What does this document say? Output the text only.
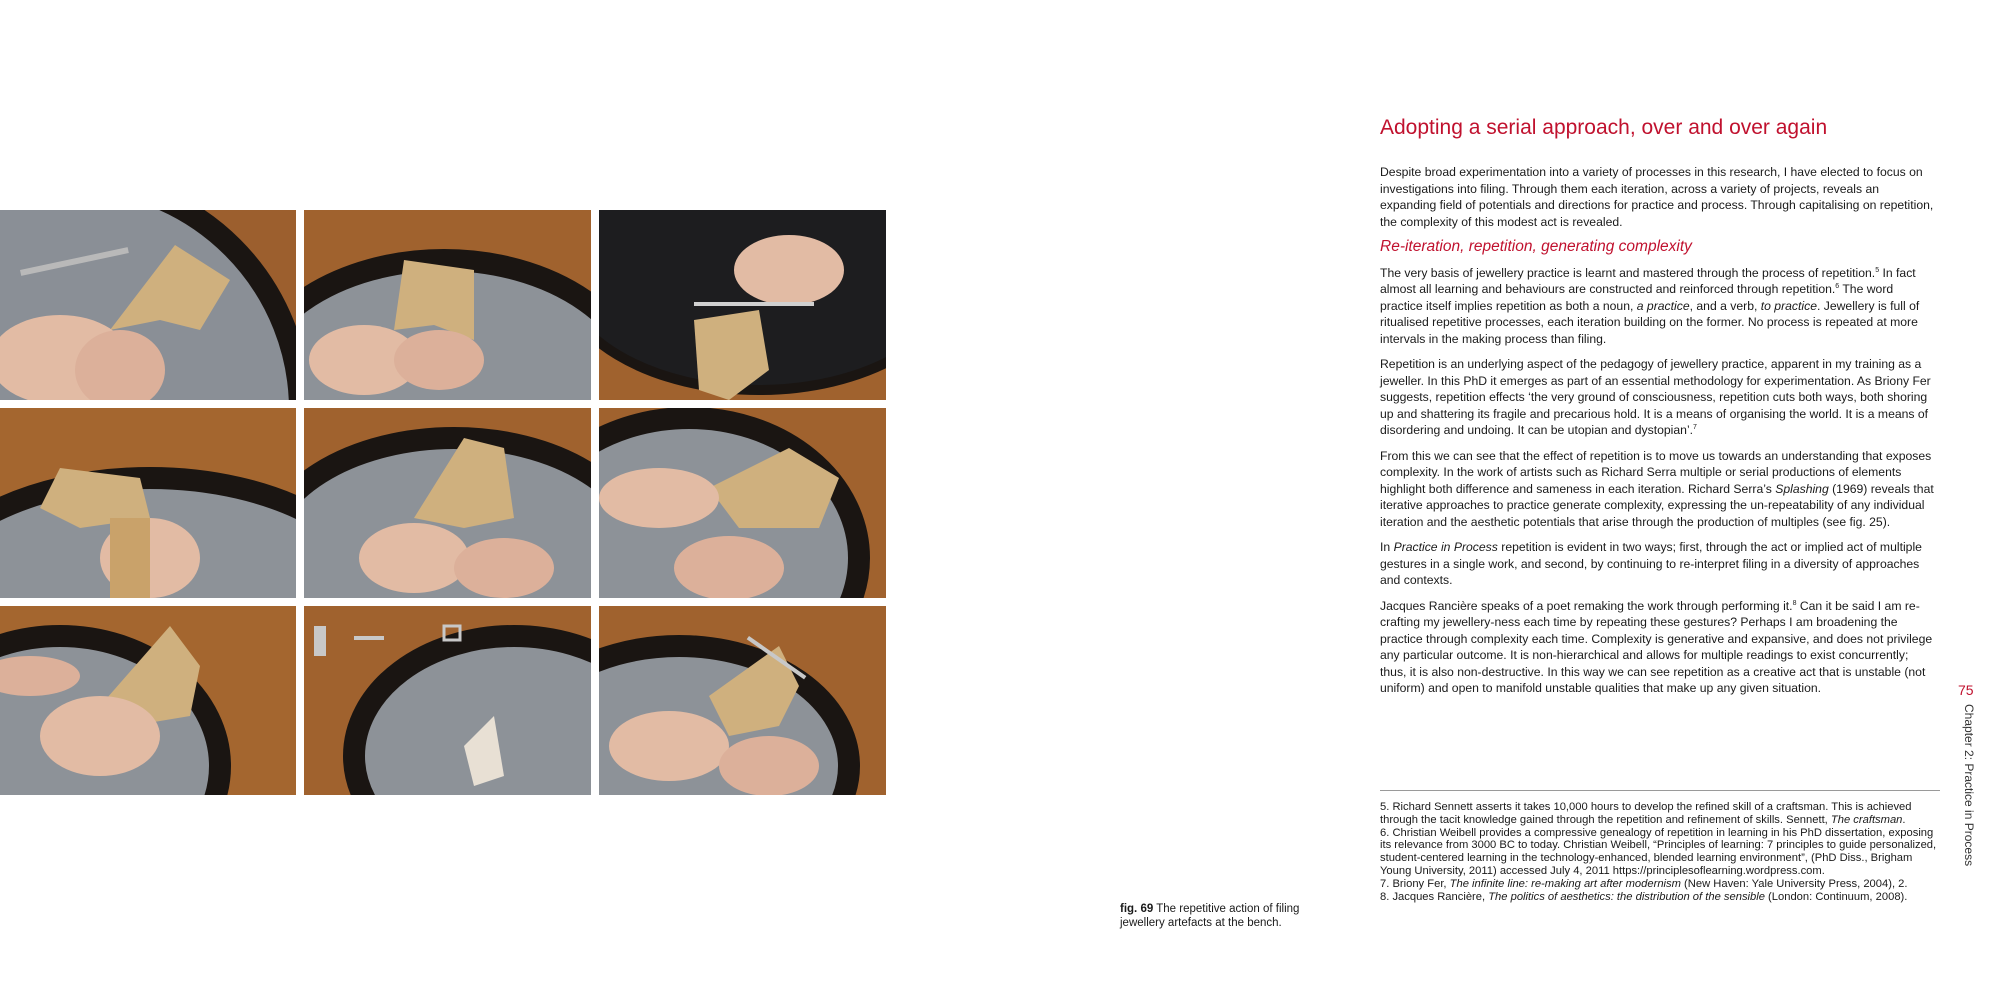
fig. 69 The repetitive action of filing jewellery artefacts at the bench.
Adopting a serial approach, over and over again

Despite broad experimentation into a variety of processes in this research, I have elected to focus on investigations into filing. Through them each iteration, across a variety of projects, reveals an expanding field of potentials and directions for practice and process. Through capitalising on repetition, the complexity of this modest act is revealed.

Re-iteration, repetition, generating complexity

The very basis of jewellery practice is learnt and mastered through the process of repetition.$^5$ In fact almost all learning and behaviours are constructed and reinforced through repetition.$^6$ The word practice itself implies repetition as both a noun, a practice, and a verb, to practice. Jewellery is full of ritualised repetitive processes, each iteration building on the former. No process is repeated at more intervals in the making process than filing.

Repetition is an underlying aspect of the pedagogy of jewellery practice, apparent in my training as a jeweller. In this PhD it emerges as part of an essential methodology for experimentation. As Briony Fer suggests, repetition effects ‘the very ground of consciousness, repetition cuts both ways, both shoring up and shattering its fragile and precarious hold. It is a means of organising the world. It is a means of disordering and undoing. It can be utopian and dystopian’.$^7$

From this we can see that the effect of repetition is to move us towards an understanding that exposes complexity. In the work of artists such as Richard Serra multiple or serial productions of elements highlight both difference and sameness in each iteration. Richard Serra’s Splashing (1969) reveals that iterative approaches to practice generate complexity, expressing the un-repeatability of any individual iteration and the aesthetic potentials that arise through the production of multiples (see fig. 25).

In Practice in Process repetition is evident in two ways; first, through the act or implied act of multiple gestures in a single work, and second, by continuing to re-interpret filing in a diversity of approaches and contexts.

Jacques Rancière speaks of a poet remaking the work through performing it.$^8$ Can it be said I am re-crafting my jewellery-ness each time by repeating these gestures? Perhaps I am broadening the practice through complexity each time. Complexity is generative and expansive, and does not privilege any particular outcome. It is non-hierarchical and allows for multiple readings to exist concurrently; thus, it is also non-destructive. In this way we can see repetition as a creative act that is unstable (not uniform) and open to manifold unstable qualities that make up any given situation.

5. Richard Sennett asserts it takes 10,000 hours to develop the refined skill of a craftsman. This is achieved through the tacit knowledge gained through the repetition and refinement of skills. Sennett, The craftsman.

6. Christian Weibell provides a compressive genealogy of repetition in learning in his PhD dissertation, exposing its relevance from 3000 BC to today. Christian Weibell, “Principles of learning: 7 principles to guide personalized, student-centered learning in the technology-enhanced, blended learning environment”, (PhD Diss., Brigham Young University, 2011) accessed July 4, 2011 https://principlesoflearning.wordpress.com.

7. Briony Fer, The infinite line: re-making art after modernism (New Haven: Yale University Press, 2004), 2.

8. Jacques Rancière, The politics of aesthetics: the distribution of the sensible (London: Continuum, 2008).

75
Chapter 2: Practice in Process
